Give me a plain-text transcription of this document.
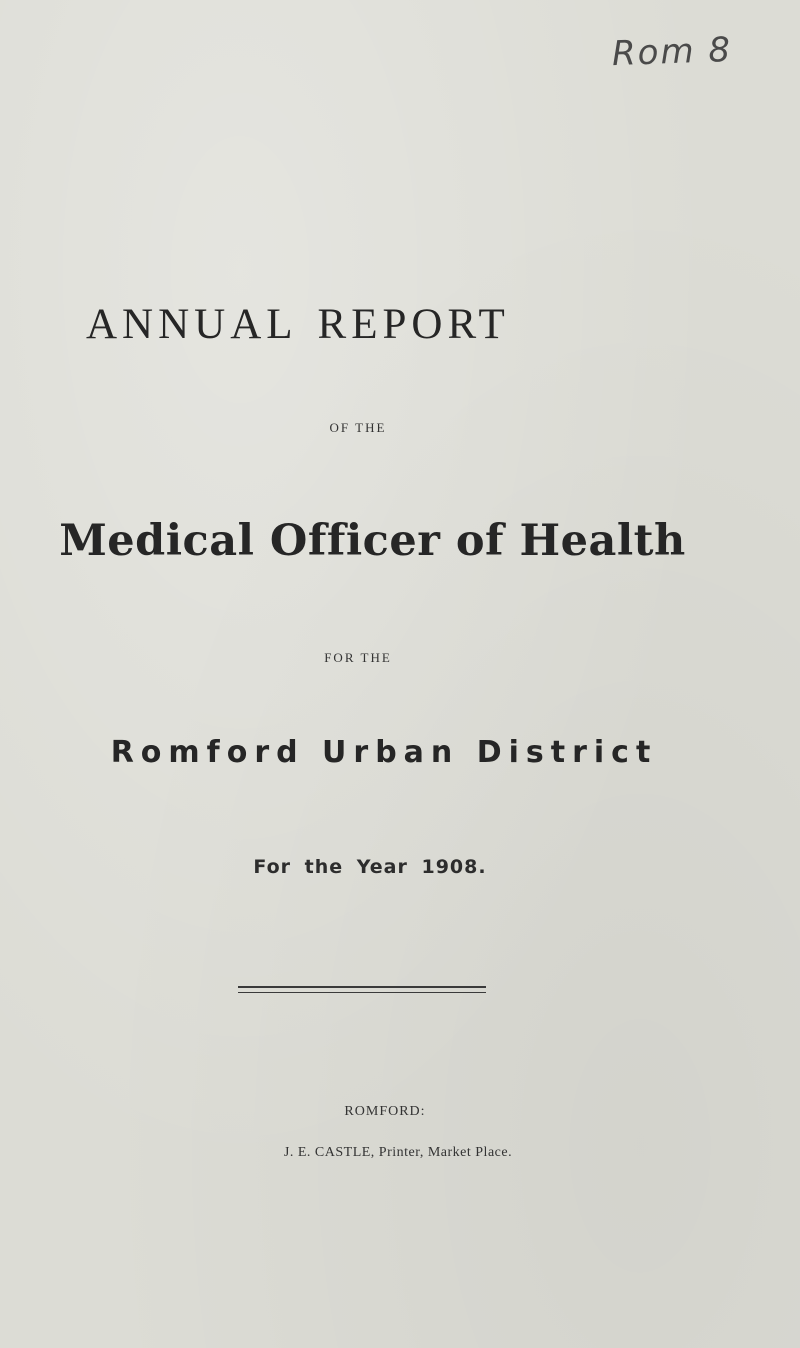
Rom 8
ANNUAL REPORT
OF THE
Medical Officer of Health
FOR THE
Romford Urban District
For the Year 1908.
ROMFORD:
J. E. CASTLE, Printer, Market Place.
